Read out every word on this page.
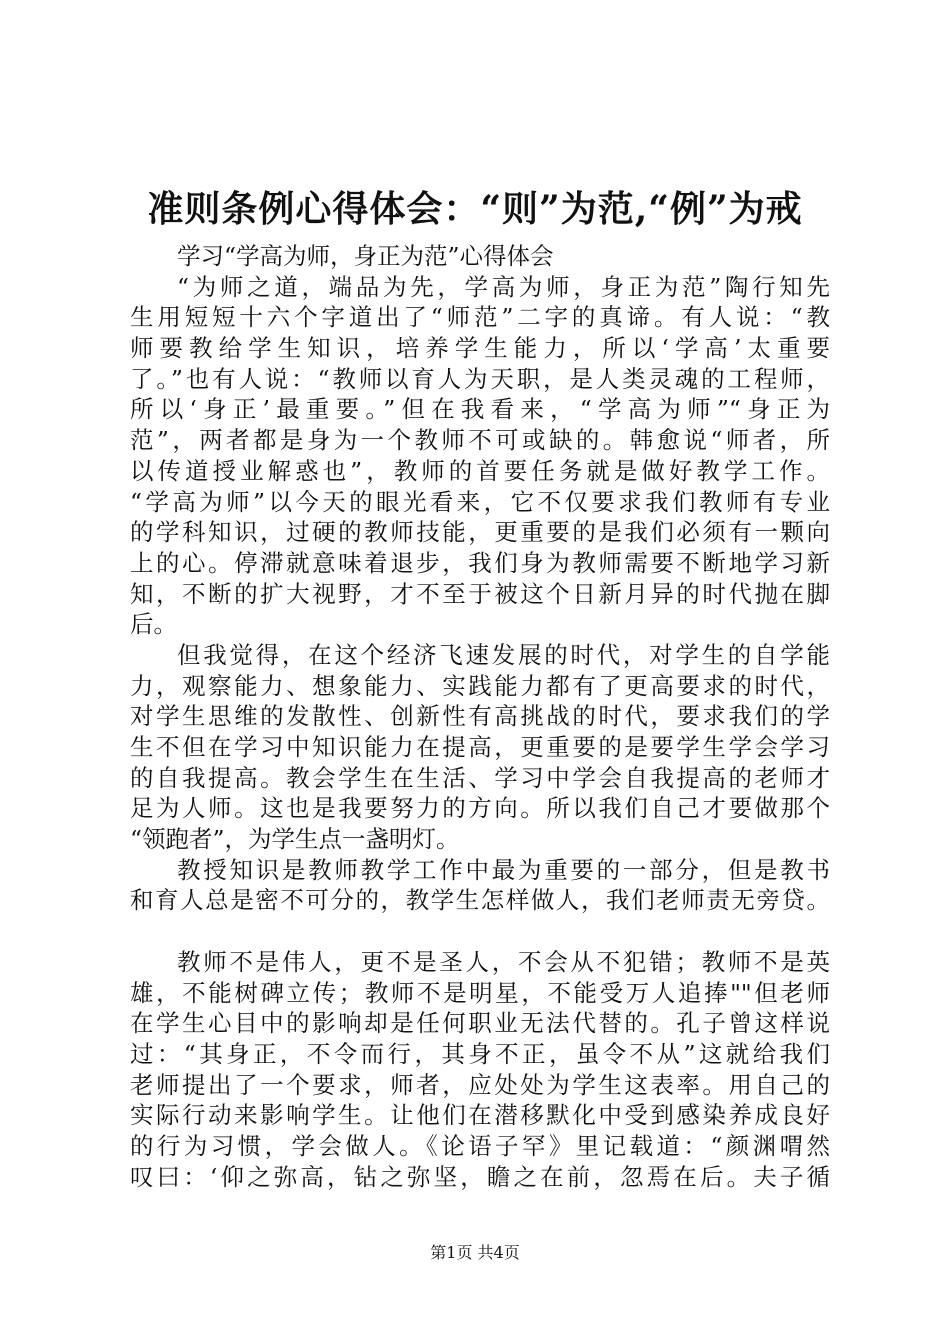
准则条例心得体会：“则”为范,“例”为戒
学习“学高为师，身正为范”心得体会
“为师之道，端品为先，学高为师，身正为范”陶行知先
生用短短十六个字道出了“师范”二字的真谛。有人说：“教
师要教给学生知识，培养学生能力，所以‘学高’太重要
了。”也有人说：“教师以育人为天职，是人类灵魂的工程师，
所以‘身正’最重要。”但在我看来，“学高为师”“身正为
范”，两者都是身为一个教师不可或缺的。韩愈说“师者，所
以传道授业解惑也”，教师的首要任务就是做好教学工作。
“学高为师”以今天的眼光看来，它不仅要求我们教师有专业
的学科知识，过硬的教师技能，更重要的是我们必须有一颗向
上的心。停滞就意味着退步，我们身为教师需要不断地学习新
知，不断的扩大视野，才不至于被这个日新月异的时代抛在脚
后。
但我觉得，在这个经济飞速发展的时代，对学生的自学能
力，观察能力、想象能力、实践能力都有了更高要求的时代，
对学生思维的发散性、创新性有高挑战的时代，要求我们的学
生不但在学习中知识能力在提高，更重要的是要学生学会学习
的自我提高。教会学生在生活、学习中学会自我提高的老师才
足为人师。这也是我要努力的方向。所以我们自己才要做那个
“领跑者”，为学生点一盏明灯。
教授知识是教师教学工作中最为重要的一部分，但是教书
和育人总是密不可分的，教学生怎样做人，我们老师责无旁贷。
教师不是伟人，更不是圣人，不会从不犯错；教师不是英
雄，不能树碑立传；教师不是明星，不能受万人追捧""但老师
在学生心目中的影响却是任何职业无法代替的。孔子曾这样说
过：“其身正，不令而行，其身不正，虽令不从”这就给我们
老师提出了一个要求，师者，应处处为学生这表率。用自己的
实际行动来影响学生。让他们在潜移默化中受到感染养成良好
的行为习惯，学会做人。《论语子罕》里记载道：“颜渊喟然
叹曰：‘仰之弥高，钻之弥坚，瞻之在前，忽焉在后。夫子循
第1页 共4页
